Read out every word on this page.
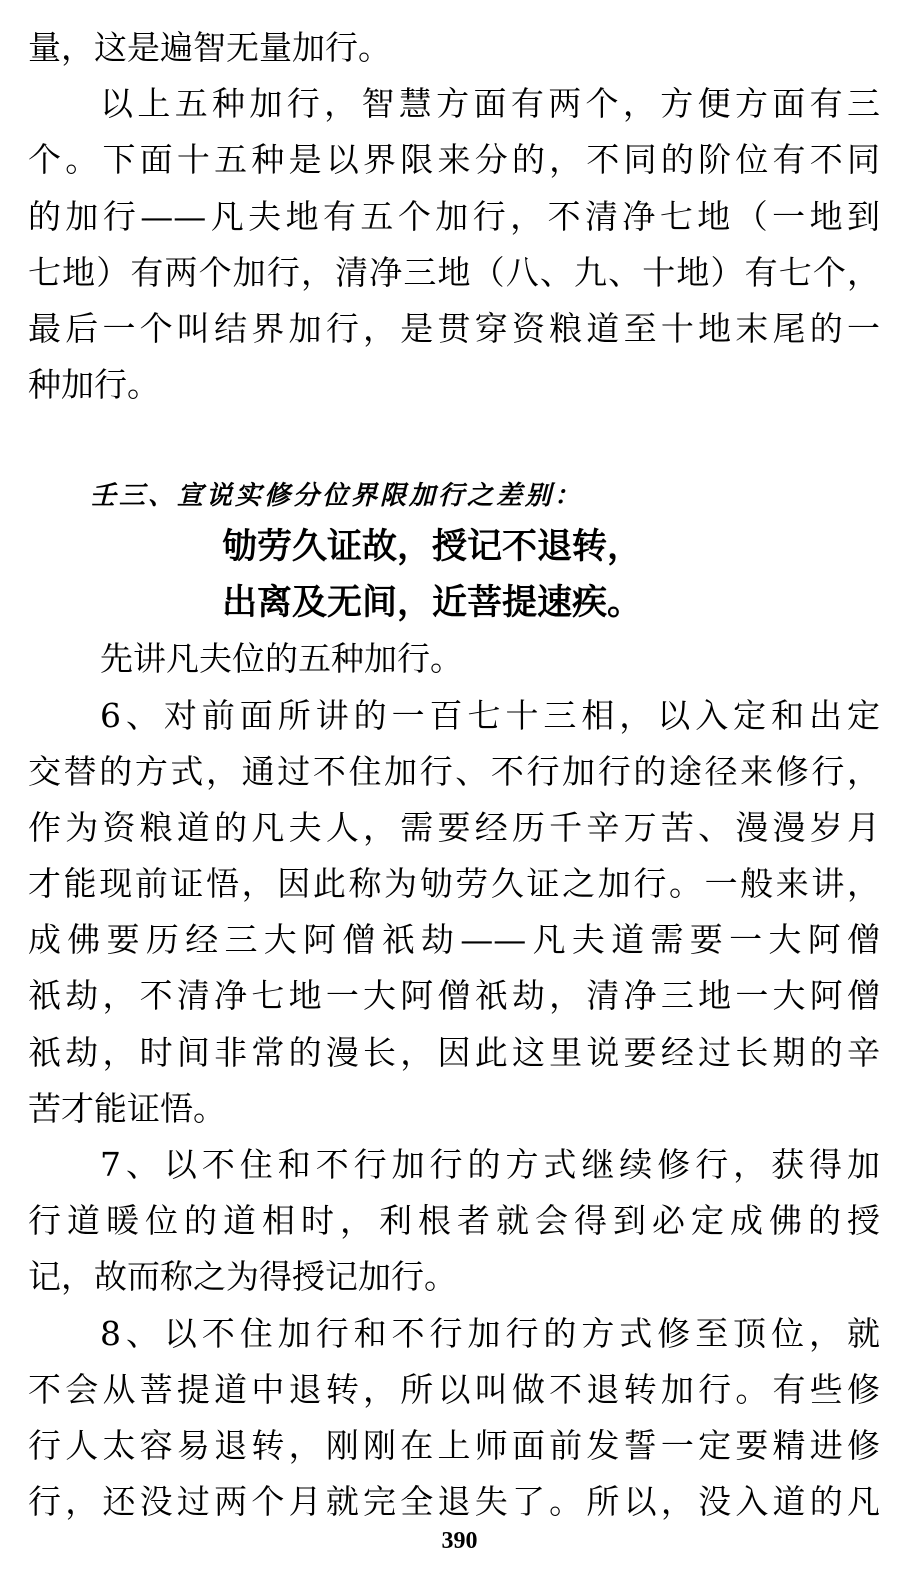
量，这是遍智无量加行。
以上五种加行，智慧方面有两个，方便方面有三
个。下面十五种是以界限来分的，不同的阶位有不同
的加行——凡夫地有五个加行，不清净七地（一地到
七地）有两个加行，清净三地（八、九、十地）有七个，
最后一个叫结界加行，是贯穿资粮道至十地末尾的一
种加行。
壬三、宣说实修分位界限加行之差别：
劬劳久证故，授记不退转，
出离及无间，近菩提速疾。
先讲凡夫位的五种加行。
6、对前面所讲的一百七十三相，以入定和出定
交替的方式，通过不住加行、不行加行的途径来修行，
作为资粮道的凡夫人，需要经历千辛万苦、漫漫岁月
才能现前证悟，因此称为劬劳久证之加行。一般来讲，
成佛要历经三大阿僧祇劫——凡夫道需要一大阿僧
祇劫，不清净七地一大阿僧祇劫，清净三地一大阿僧
祇劫，时间非常的漫长，因此这里说要经过长期的辛
苦才能证悟。
7、以不住和不行加行的方式继续修行，获得加
行道暖位的道相时，利根者就会得到必定成佛的授
记，故而称之为得授记加行。
8、以不住加行和不行加行的方式修至顶位，就
不会从菩提道中退转，所以叫做不退转加行。有些修
行人太容易退转，刚刚在上师面前发誓一定要精进修
行，还没过两个月就完全退失了。所以，没入道的凡
390
